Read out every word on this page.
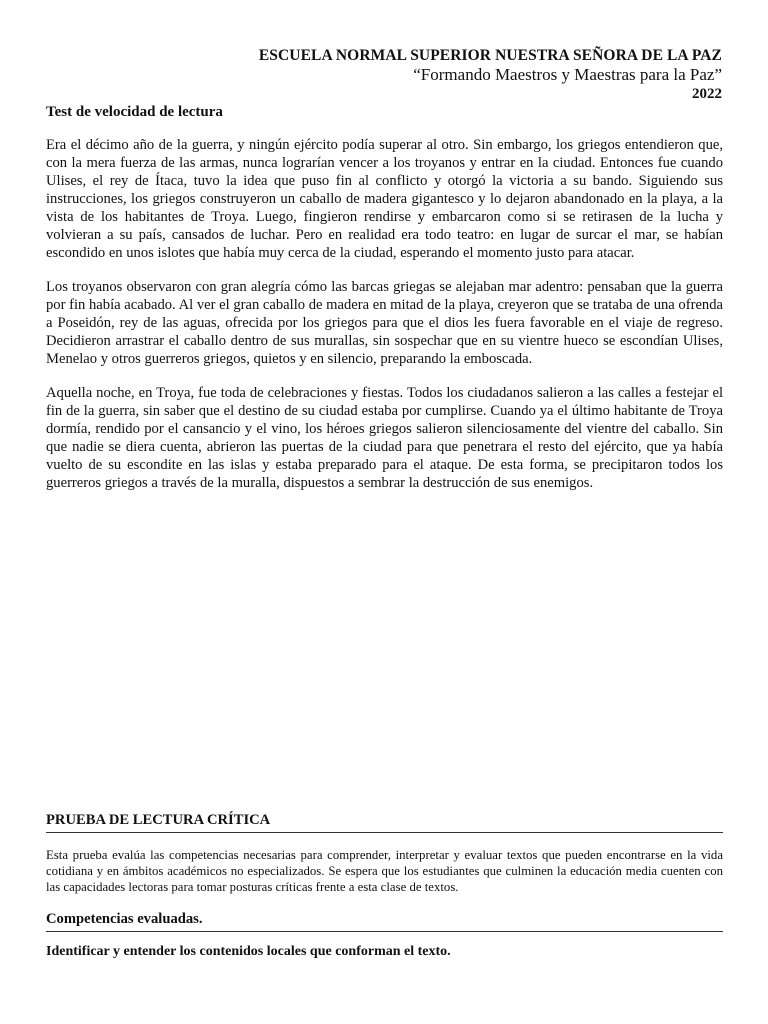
ESCUELA NORMAL SUPERIOR NUESTRA SEÑORA DE LA PAZ
“Formando Maestros y Maestras para la Paz”
2022
Test de velocidad de lectura

Era el décimo año de la guerra, y ningún ejército podía superar al otro. Sin embargo, los griegos entendieron que, con la mera fuerza de las armas, nunca lograrían vencer a los troyanos y entrar en la ciudad. Entonces fue cuando Ulises, el rey de Ítaca, tuvo la idea que puso fin al conflicto y otorgó la victoria a su bando. Siguiendo sus instrucciones, los griegos construyeron un caballo de madera gigantesco y lo dejaron abandonado en la playa, a la vista de los habitantes de Troya. Luego, fingieron rendirse y embarcaron como si se retirasen de la lucha y volvieran a su país, cansados de luchar. Pero en realidad era todo teatro: en lugar de surcar el mar, se habían escondido en unos islotes que había muy cerca de la ciudad, esperando el momento justo para atacar.

Los troyanos observaron con gran alegría cómo las barcas griegas se alejaban mar adentro: pensaban que la guerra por fin había acabado. Al ver el gran caballo de madera en mitad de la playa, creyeron que se trataba de una ofrenda a Poseidón, rey de las aguas, ofrecida por los griegos para que el dios les fuera favorable en el viaje de regreso. Decidieron arrastrar el caballo dentro de sus murallas, sin sospechar que en su vientre hueco se escondían Ulises, Menelao y otros guerreros griegos, quietos y en silencio, preparando la emboscada.

Aquella noche, en Troya, fue toda de celebraciones y fiestas. Todos los ciudadanos salieron a las calles a festejar el fin de la guerra, sin saber que el destino de su ciudad estaba por cumplirse. Cuando ya el último habitante de Troya dormía, rendido por el cansancio y el vino, los héroes griegos salieron silenciosamente del vientre del caballo. Sin que nadie se diera cuenta, abrieron las puertas de la ciudad para que penetrara el resto del ejército, que ya había vuelto de su escondite en las islas y estaba preparado para el ataque. De esta forma, se precipitaron todos los guerreros griegos a través de la muralla, dispuestos a sembrar la destrucción de sus enemigos.

PRUEBA DE LECTURA CRÍTICA
Esta prueba evalúa las competencias necesarias para comprender, interpretar y evaluar textos que pueden encontrarse en la vida cotidiana y en ámbitos académicos no especializados. Se espera que los estudiantes que culminen la educación media cuenten con las capacidades lectoras para tomar posturas críticas frente a esta clase de textos.
Competencias evaluadas.

Identificar y entender los contenidos locales que conforman el texto.
